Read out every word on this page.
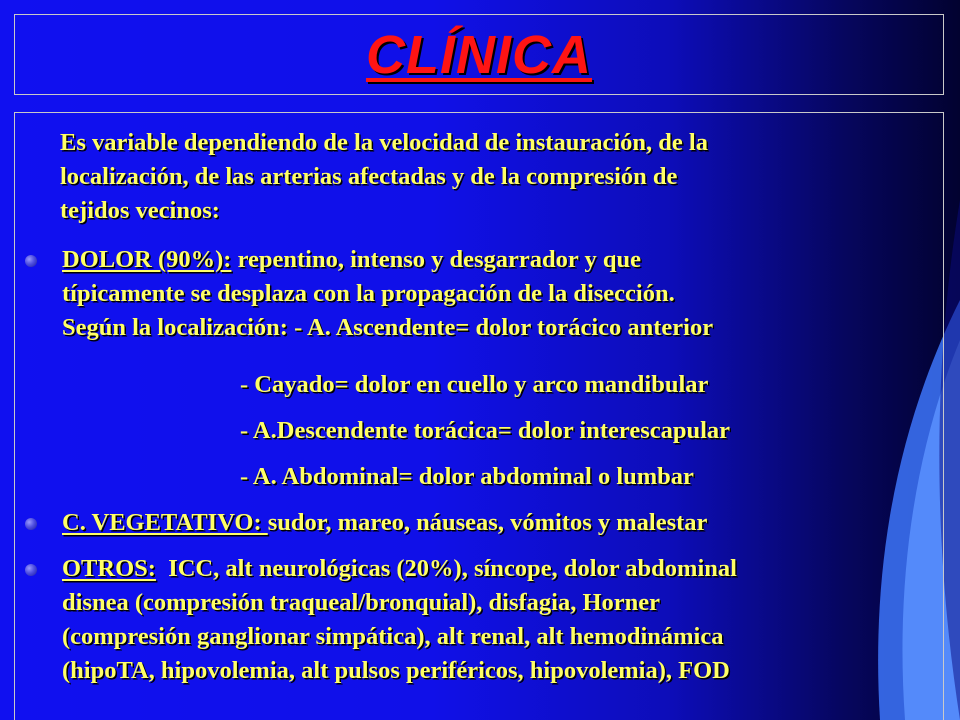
CLÍNICA
Es variable dependiendo de la velocidad de instauración, de la
localización, de las arterias afectadas y de la compresión de
tejidos vecinos:
DOLOR (90%): repentino, intenso y desgarrador y que
típicamente se desplaza con la propagación de la disección.
Según la localización: - A. Ascendente= dolor torácico anterior
- Cayado= dolor en cuello y arco mandibular
- A.Descendente torácica= dolor interescapular
- A. Abdominal= dolor abdominal o lumbar
C. VEGETATIVO: sudor, mareo, náuseas, vómitos y malestar
OTROS:  ICC, alt neurológicas (20%), síncope, dolor abdominal
disnea (compresión traqueal/bronquial), disfagia, Horner
(compresión ganglionar simpática), alt renal, alt hemodinámica
(hipoTA, hipovolemia, alt pulsos periféricos, hipovolemia), FOD
